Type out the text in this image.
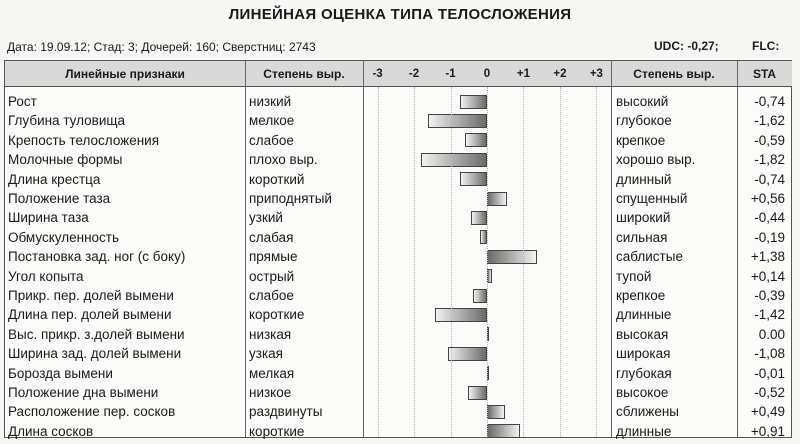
ЛИНЕЙНАЯ ОЦЕНКА ТИПА ТЕЛОСЛОЖЕНИЯ
Дата: 19.09.12; Стад: 3; Дочерей: 160; Сверстниц: 2743	UDC: -0,27;	FLC:
Линейные признаки	Степень выр.	Степень выр.	STA
Рост	низкий	высокий	-0,74
Глубина туловища	мелкое	глубокое	-1,62
Крепость телосложения	слабое	крепкое	-0,59
Молочные формы	плохо выр.	хорошо выр.	-1,82
Длина крестца	короткий	длинный	-0,74
Положение таза	приподнятый	спущенный	+0,56
Ширина таза	узкий	широкий	-0,44
Обмускуленность	слабая	сильная	-0,19
Постановка зад. ног (с боку)	прямые	саблистые	+1,38
Угол копыта	острый	тупой	+0,14
Прикр. пер. долей вымени	слабое	крепкое	-0,39
Длина пер. долей вымени	короткие	длинные	-1,42
Выс. прикр. з.долей вымени	низкая	высокая	0.00
Ширина зад. долей вымени	узкая	широкая	-1,08
Борозда вымени	мелкая	глубокая	-0,01
Положение дна вымени	низкое	высокое	-0,52
Расположение пер. сосков	раздвинуты	сближены	+0,49
Длина сосков	короткие	длинные	+0,91
-3	-2	-1	0	+1	+2	+3
